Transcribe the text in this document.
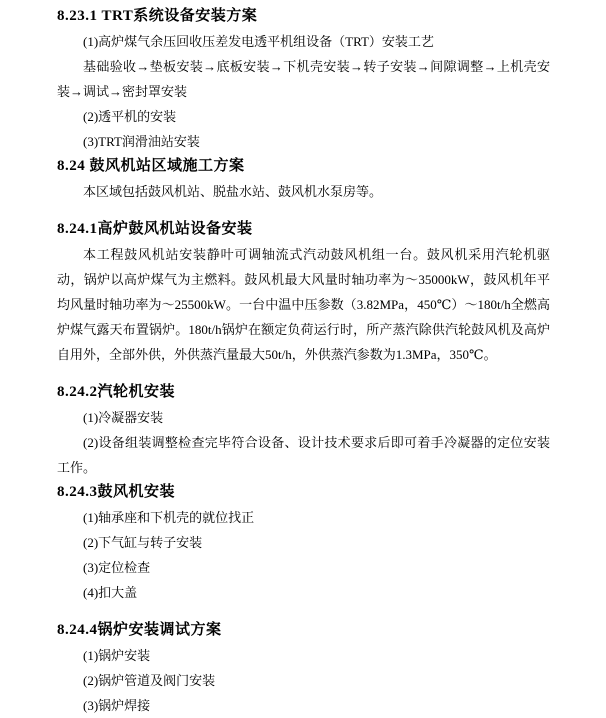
8.23.1 TRT系统设备安装方案

(1)高炉煤气余压回收压差发电透平机组设备（TRT）安装工艺

基础验收→垫板安装→底板安装→下机壳安装→转子安装→间隙调整→上机壳安装→调试→密封罩安装

(2)透平机的安装

(3)TRT润滑油站安装

8.24 鼓风机站区域施工方案

本区域包括鼓风机站、脱盐水站、鼓风机水泵房等。

8.24.1高炉鼓风机站设备安装

本工程鼓风机站安装静叶可调轴流式汽动鼓风机组一台。鼓风机采用汽轮机驱动，锅炉以高炉煤气为主燃料。鼓风机最大风量时轴功率为～35000kW，鼓风机年平均风量时轴功率为～25500kW。一台中温中压参数（3.82MPa，450℃）～180t/h全燃高炉煤气露天布置锅炉。180t/h锅炉在额定负荷运行时，所产蒸汽除供汽轮鼓风机及高炉自用外，全部外供，外供蒸汽量最大50t/h，外供蒸汽参数为1.3MPa，350℃。

8.24.2汽轮机安装

(1)冷凝器安装

(2)设备组装调整检查完毕符合设备、设计技术要求后即可着手冷凝器的定位安装工作。

8.24.3鼓风机安装

(1)轴承座和下机壳的就位找正

(2)下气缸与转子安装

(3)定位检查

(4)扣大盖

8.24.4锅炉安装调试方案

(1)锅炉安装

(2)锅炉管道及阀门安装

(3)锅炉焊接
